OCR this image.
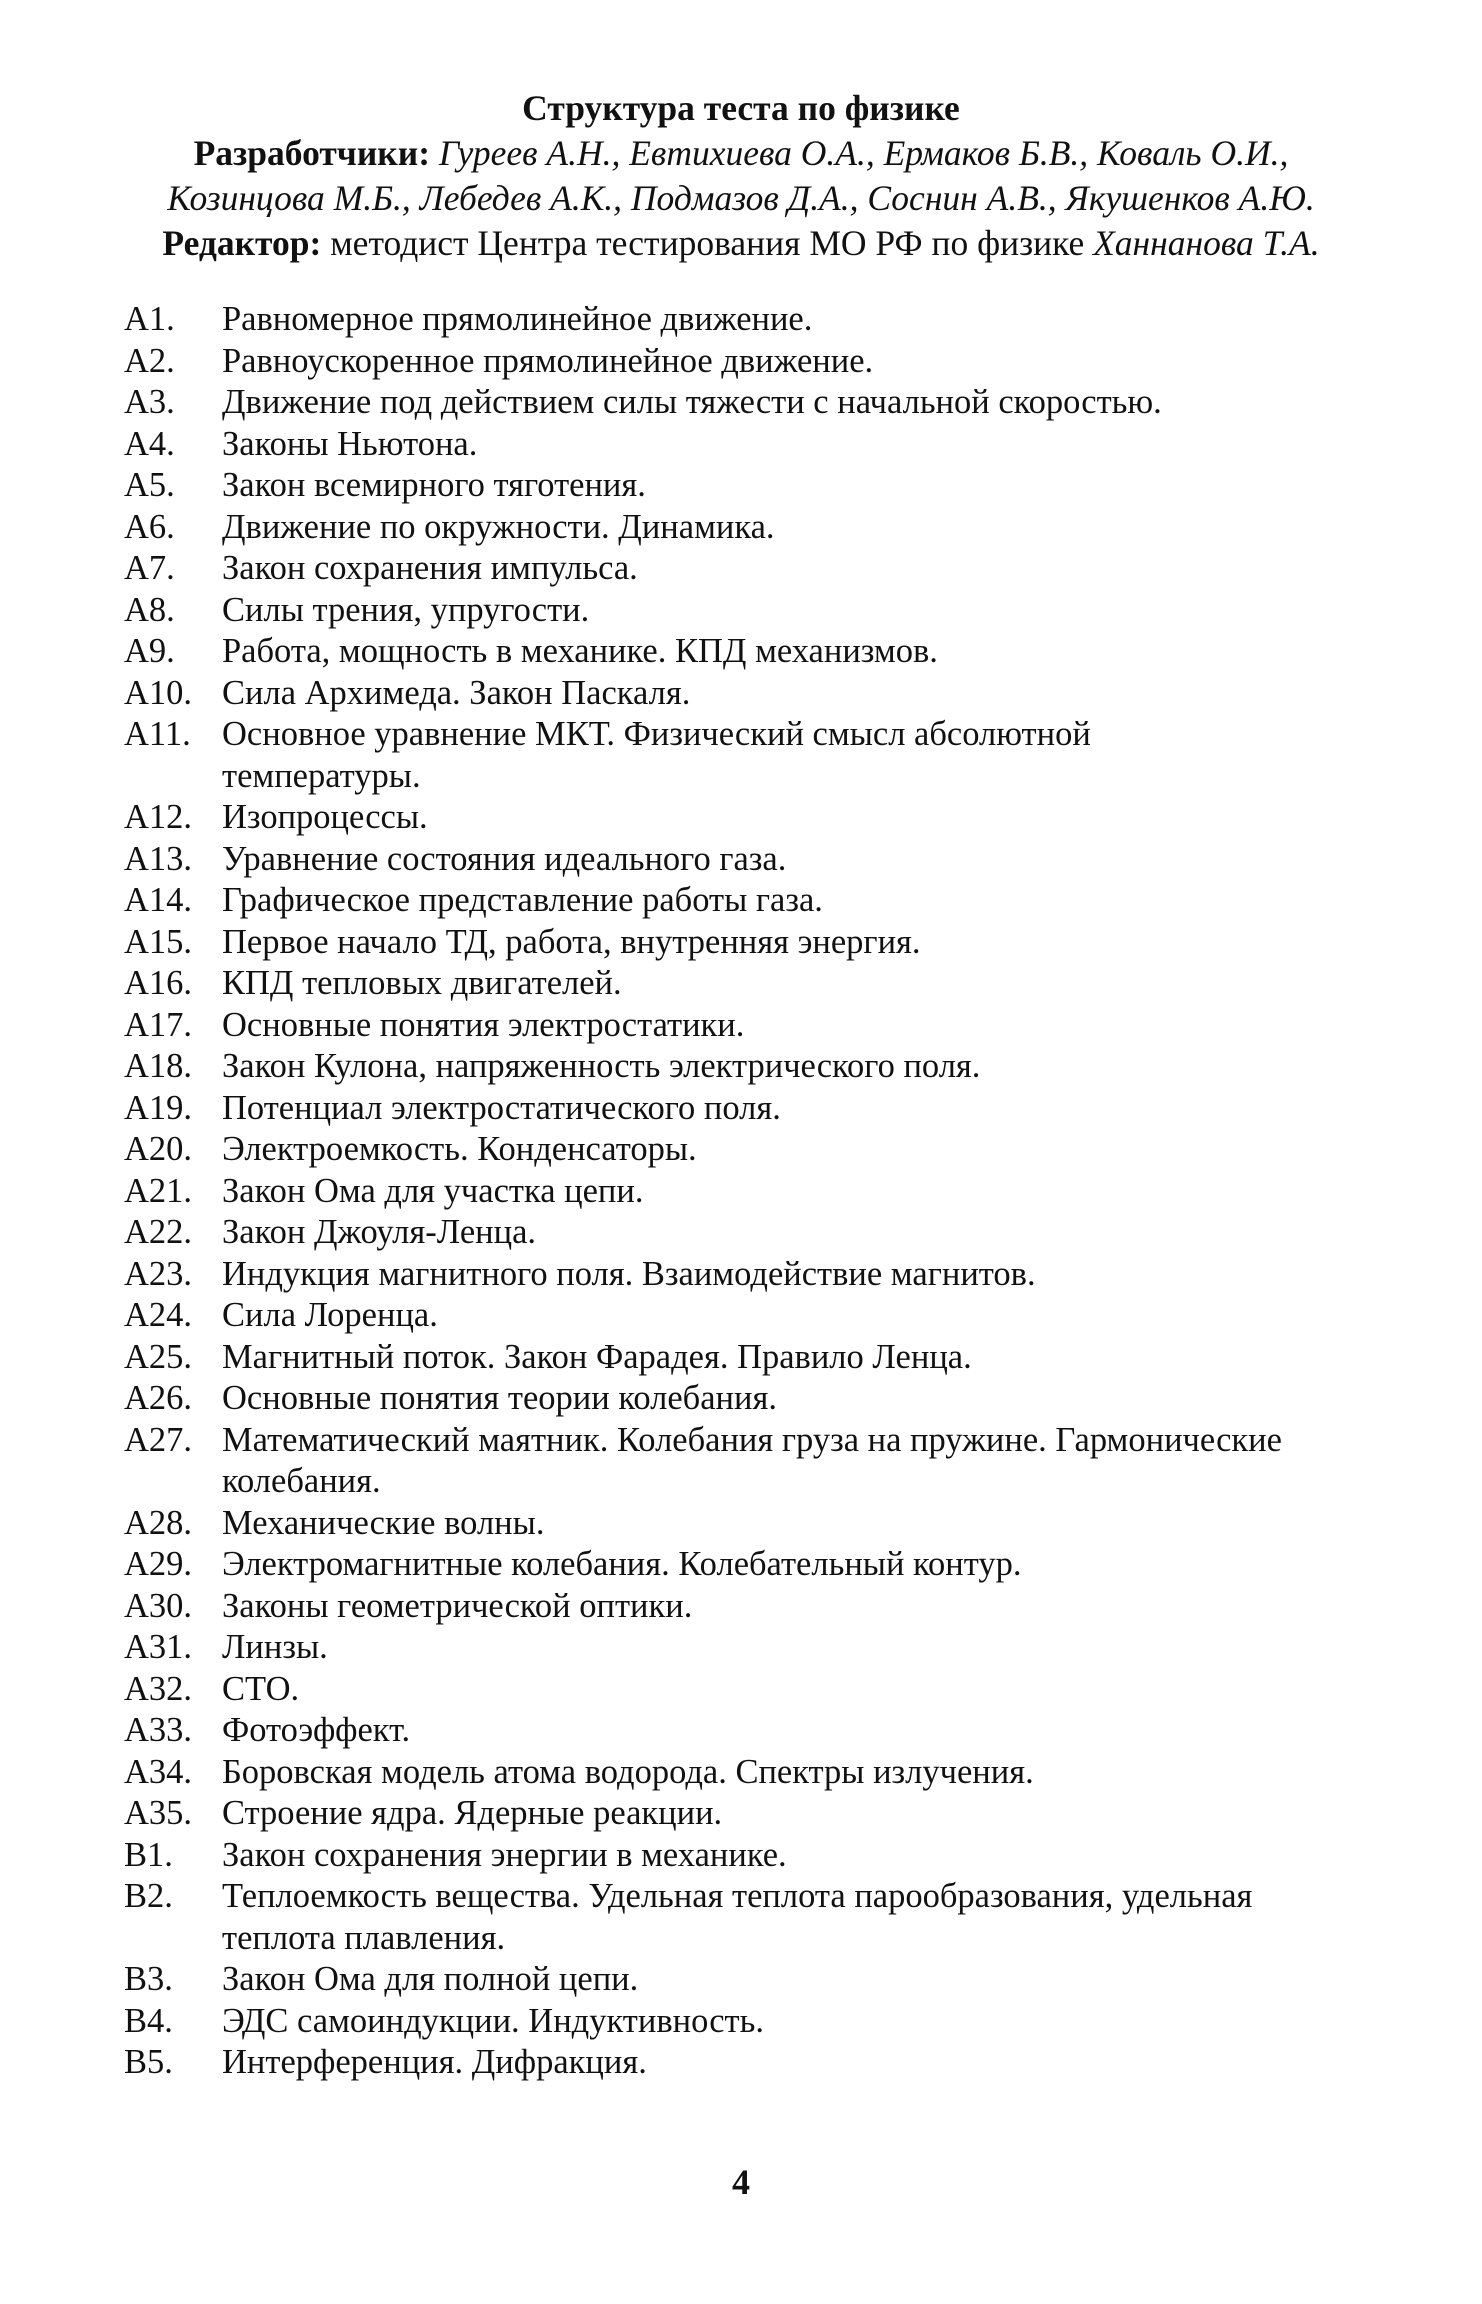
Структура теста по физике
Разработчики: Гуреев А.Н., Евтихиева О.А., Ермаков Б.В., Коваль О.И.,
Козинцова М.Б., Лебедев А.К., Подмазов Д.А., Соснин А.В., Якушенков А.Ю.
Редактор: методист Центра тестирования МО РФ по физике Ханнанова Т.А.
А1.	Равномерное прямолинейное движение.
А2.	Равноускоренное прямолинейное движение.
А3.	Движение под действием силы тяжести с начальной скоростью.
А4.	Законы Ньютона.
А5.	Закон всемирного тяготения.
А6.	Движение по окружности. Динамика.
А7.	Закон сохранения импульса.
А8.	Силы трения, упругости.
А9.	Работа, мощность в механике. КПД механизмов.
А10. Сила Архимеда. Закон Паскаля.
А11. Основное уравнение МКТ. Физический смысл абсолютной
температуры.
А12. Изопроцессы.
А13. Уравнение состояния идеального газа.
А14. Графическое представление работы газа.
А15. Первое начало ТД, работа, внутренняя энергия.
А16. КПД тепловых двигателей.
А17. Основные понятия электростатики.
А18. Закон Кулона, напряженность электрического поля.
А19. Потенциал электростатического поля.
А20. Электроемкость. Конденсаторы.
А21. Закон Ома для участка цепи.
А22. Закон Джоуля-Ленца.
А23. Индукция магнитного поля. Взаимодействие магнитов.
А24. Сила Лоренца.
А25. Магнитный поток. Закон Фарадея. Правило Ленца.
А26. Основные понятия теории колебания.
А27. Математический маятник. Колебания груза на пружине. Гармонические
колебания.
А28. Механические волны.
А29. Электромагнитные колебания. Колебательный контур.
А30. Законы геометрической оптики.
А31. Линзы.
А32. СТО.
А33. Фотоэффект.
А34. Боровская модель атома водорода. Спектры излучения.
А35. Строение ядра. Ядерные реакции.
В1.	Закон сохранения энергии в механике.
В2.	Теплоемкость вещества. Удельная теплота парообразования, удельная
теплота плавления.
В3.	Закон Ома для полной цепи.
В4.	ЭДС самоиндукции. Индуктивность.
В5.	Интерференция. Дифракция.
4
